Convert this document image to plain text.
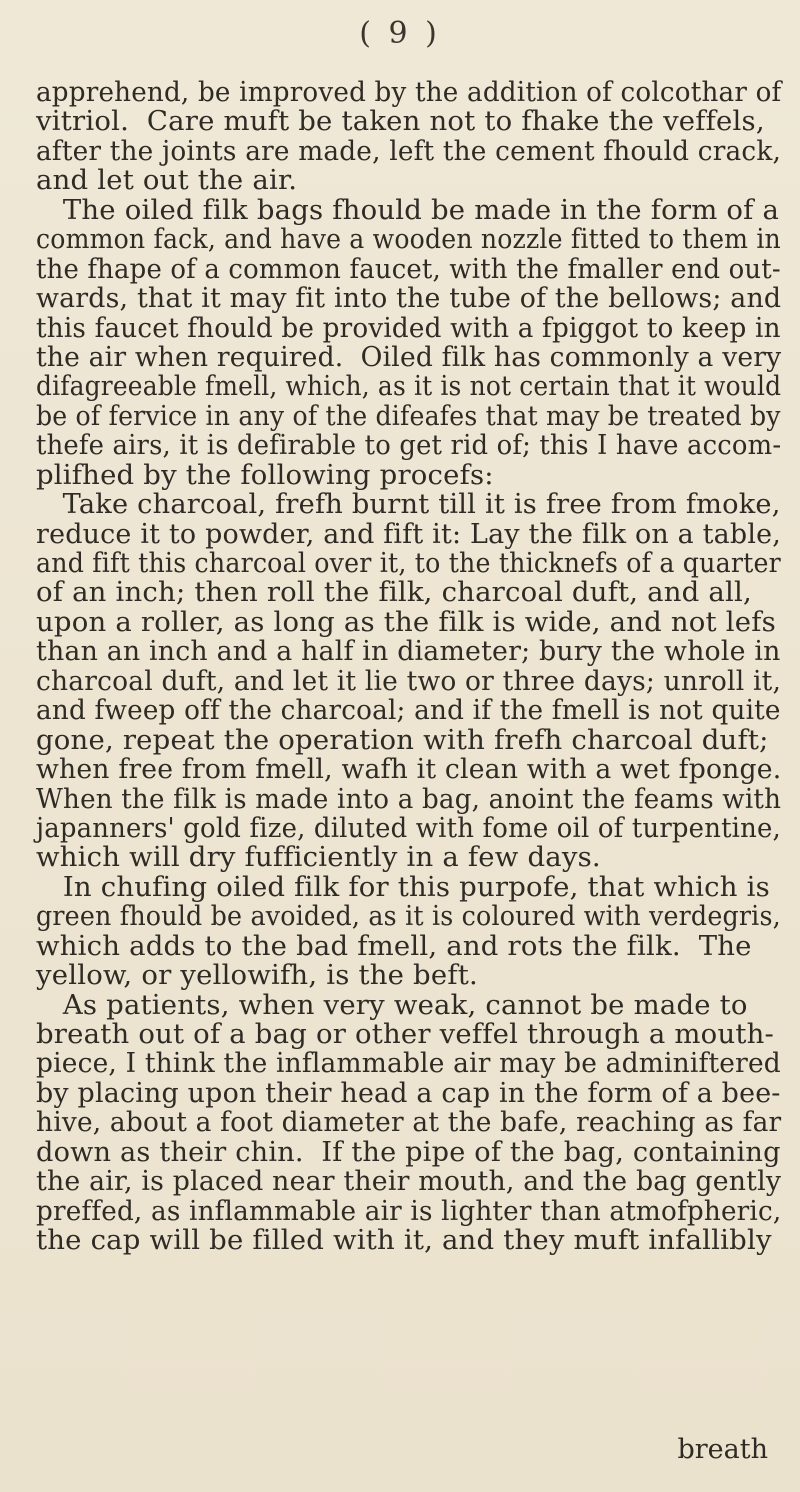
( 9 )
apprehend, be improved by the addition of colcothar of
vitriol.  Care muft be taken not to fhake the veffels,
after the joints are made, left the cement fhould crack,
and let out the air.
The oiled filk bags fhould be made in the form of a
common fack, and have a wooden nozzle fitted to them in
the fhape of a common faucet, with the fmaller end out-
wards, that it may fit into the tube of the bellows; and
this faucet fhould be provided with a fpiggot to keep in
the air when required.  Oiled filk has commonly a very
difagreeable fmell, which, as it is not certain that it would
be of fervice in any of the difeafes that may be treated by
thefe airs, it is defirable to get rid of; this I have accom-
plifhed by the following procefs:
Take charcoal, frefh burnt till it is free from fmoke,
reduce it to powder, and fift it: Lay the filk on a table,
and fift this charcoal over it, to the thicknefs of a quarter
of an inch; then roll the filk, charcoal duft, and all,
upon a roller, as long as the filk is wide, and not lefs
than an inch and a half in diameter; bury the whole in
charcoal duft, and let it lie two or three days; unroll it,
and fweep off the charcoal; and if the fmell is not quite
gone, repeat the operation with frefh charcoal duft;
when free from fmell, wafh it clean with a wet fponge.
When the filk is made into a bag, anoint the feams with
japanners' gold fize, diluted with fome oil of turpentine,
which will dry fufficiently in a few days.
In chufing oiled filk for this purpofe, that which is
green fhould be avoided, as it is coloured with verdegris,
which adds to the bad fmell, and rots the filk.  The
yellow, or yellowifh, is the beft.
As patients, when very weak, cannot be made to
breath out of a bag or other veffel through a mouth-
piece, I think the inflammable air may be adminiftered
by placing upon their head a cap in the form of a bee-
hive, about a foot diameter at the bafe, reaching as far
down as their chin.  If the pipe of the bag, containing
the air, is placed near their mouth, and the bag gently
preffed, as inflammable air is lighter than atmofpheric,
the cap will be filled with it, and they muft infallibly
breath
